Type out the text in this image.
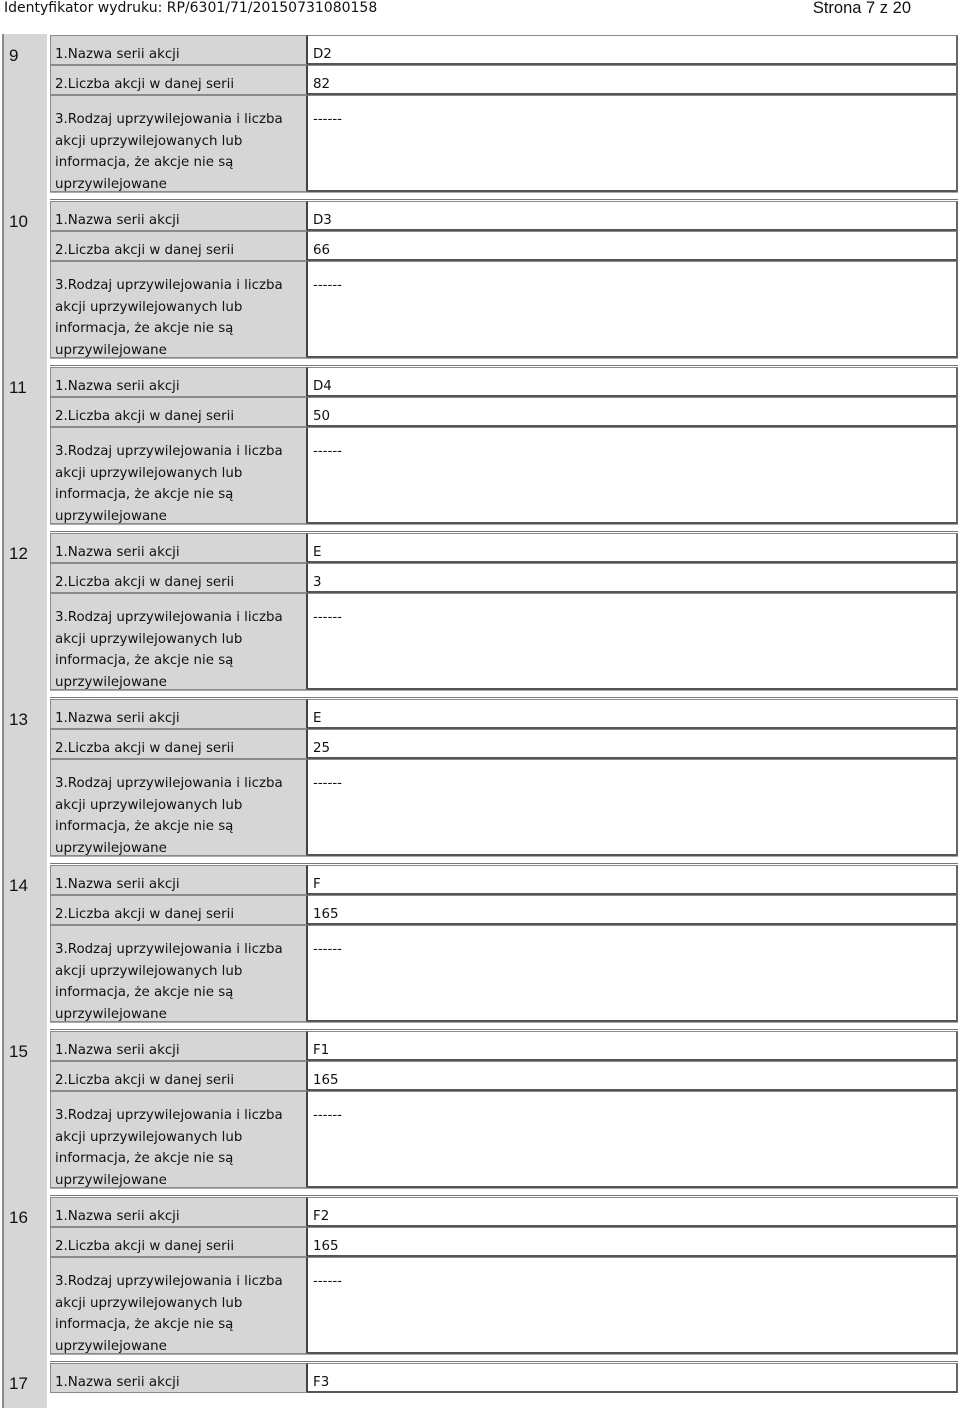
Identyfikator wydruku: RP/6301/71/20150731080158	Strona 7 z 20
9	1.Nazwa serii akcji	D2
2.Liczba akcji w danej serii	82
3.Rodzaj uprzywilejowania i liczba akcji uprzywilejowanych lub informacja, że akcje nie są uprzywilejowane
------
10	1.Nazwa serii akcji	D3
2.Liczba akcji w danej serii	66
3.Rodzaj uprzywilejowania i liczba akcji uprzywilejowanych lub informacja, że akcje nie są uprzywilejowane
------
11	1.Nazwa serii akcji	D4
2.Liczba akcji w danej serii	50
3.Rodzaj uprzywilejowania i liczba akcji uprzywilejowanych lub informacja, że akcje nie są uprzywilejowane
------
12	1.Nazwa serii akcji	E
2.Liczba akcji w danej serii	3
3.Rodzaj uprzywilejowania i liczba akcji uprzywilejowanych lub informacja, że akcje nie są uprzywilejowane
------
13	1.Nazwa serii akcji	E
2.Liczba akcji w danej serii	25
3.Rodzaj uprzywilejowania i liczba akcji uprzywilejowanych lub informacja, że akcje nie są uprzywilejowane
------
14	1.Nazwa serii akcji	F
2.Liczba akcji w danej serii	165
3.Rodzaj uprzywilejowania i liczba akcji uprzywilejowanych lub informacja, że akcje nie są uprzywilejowane
------
15	1.Nazwa serii akcji	F1
2.Liczba akcji w danej serii	165
3.Rodzaj uprzywilejowania i liczba akcji uprzywilejowanych lub informacja, że akcje nie są uprzywilejowane
------
16	1.Nazwa serii akcji	F2
2.Liczba akcji w danej serii	165
3.Rodzaj uprzywilejowania i liczba akcji uprzywilejowanych lub informacja, że akcje nie są uprzywilejowane
------
17	1.Nazwa serii akcji	F3
